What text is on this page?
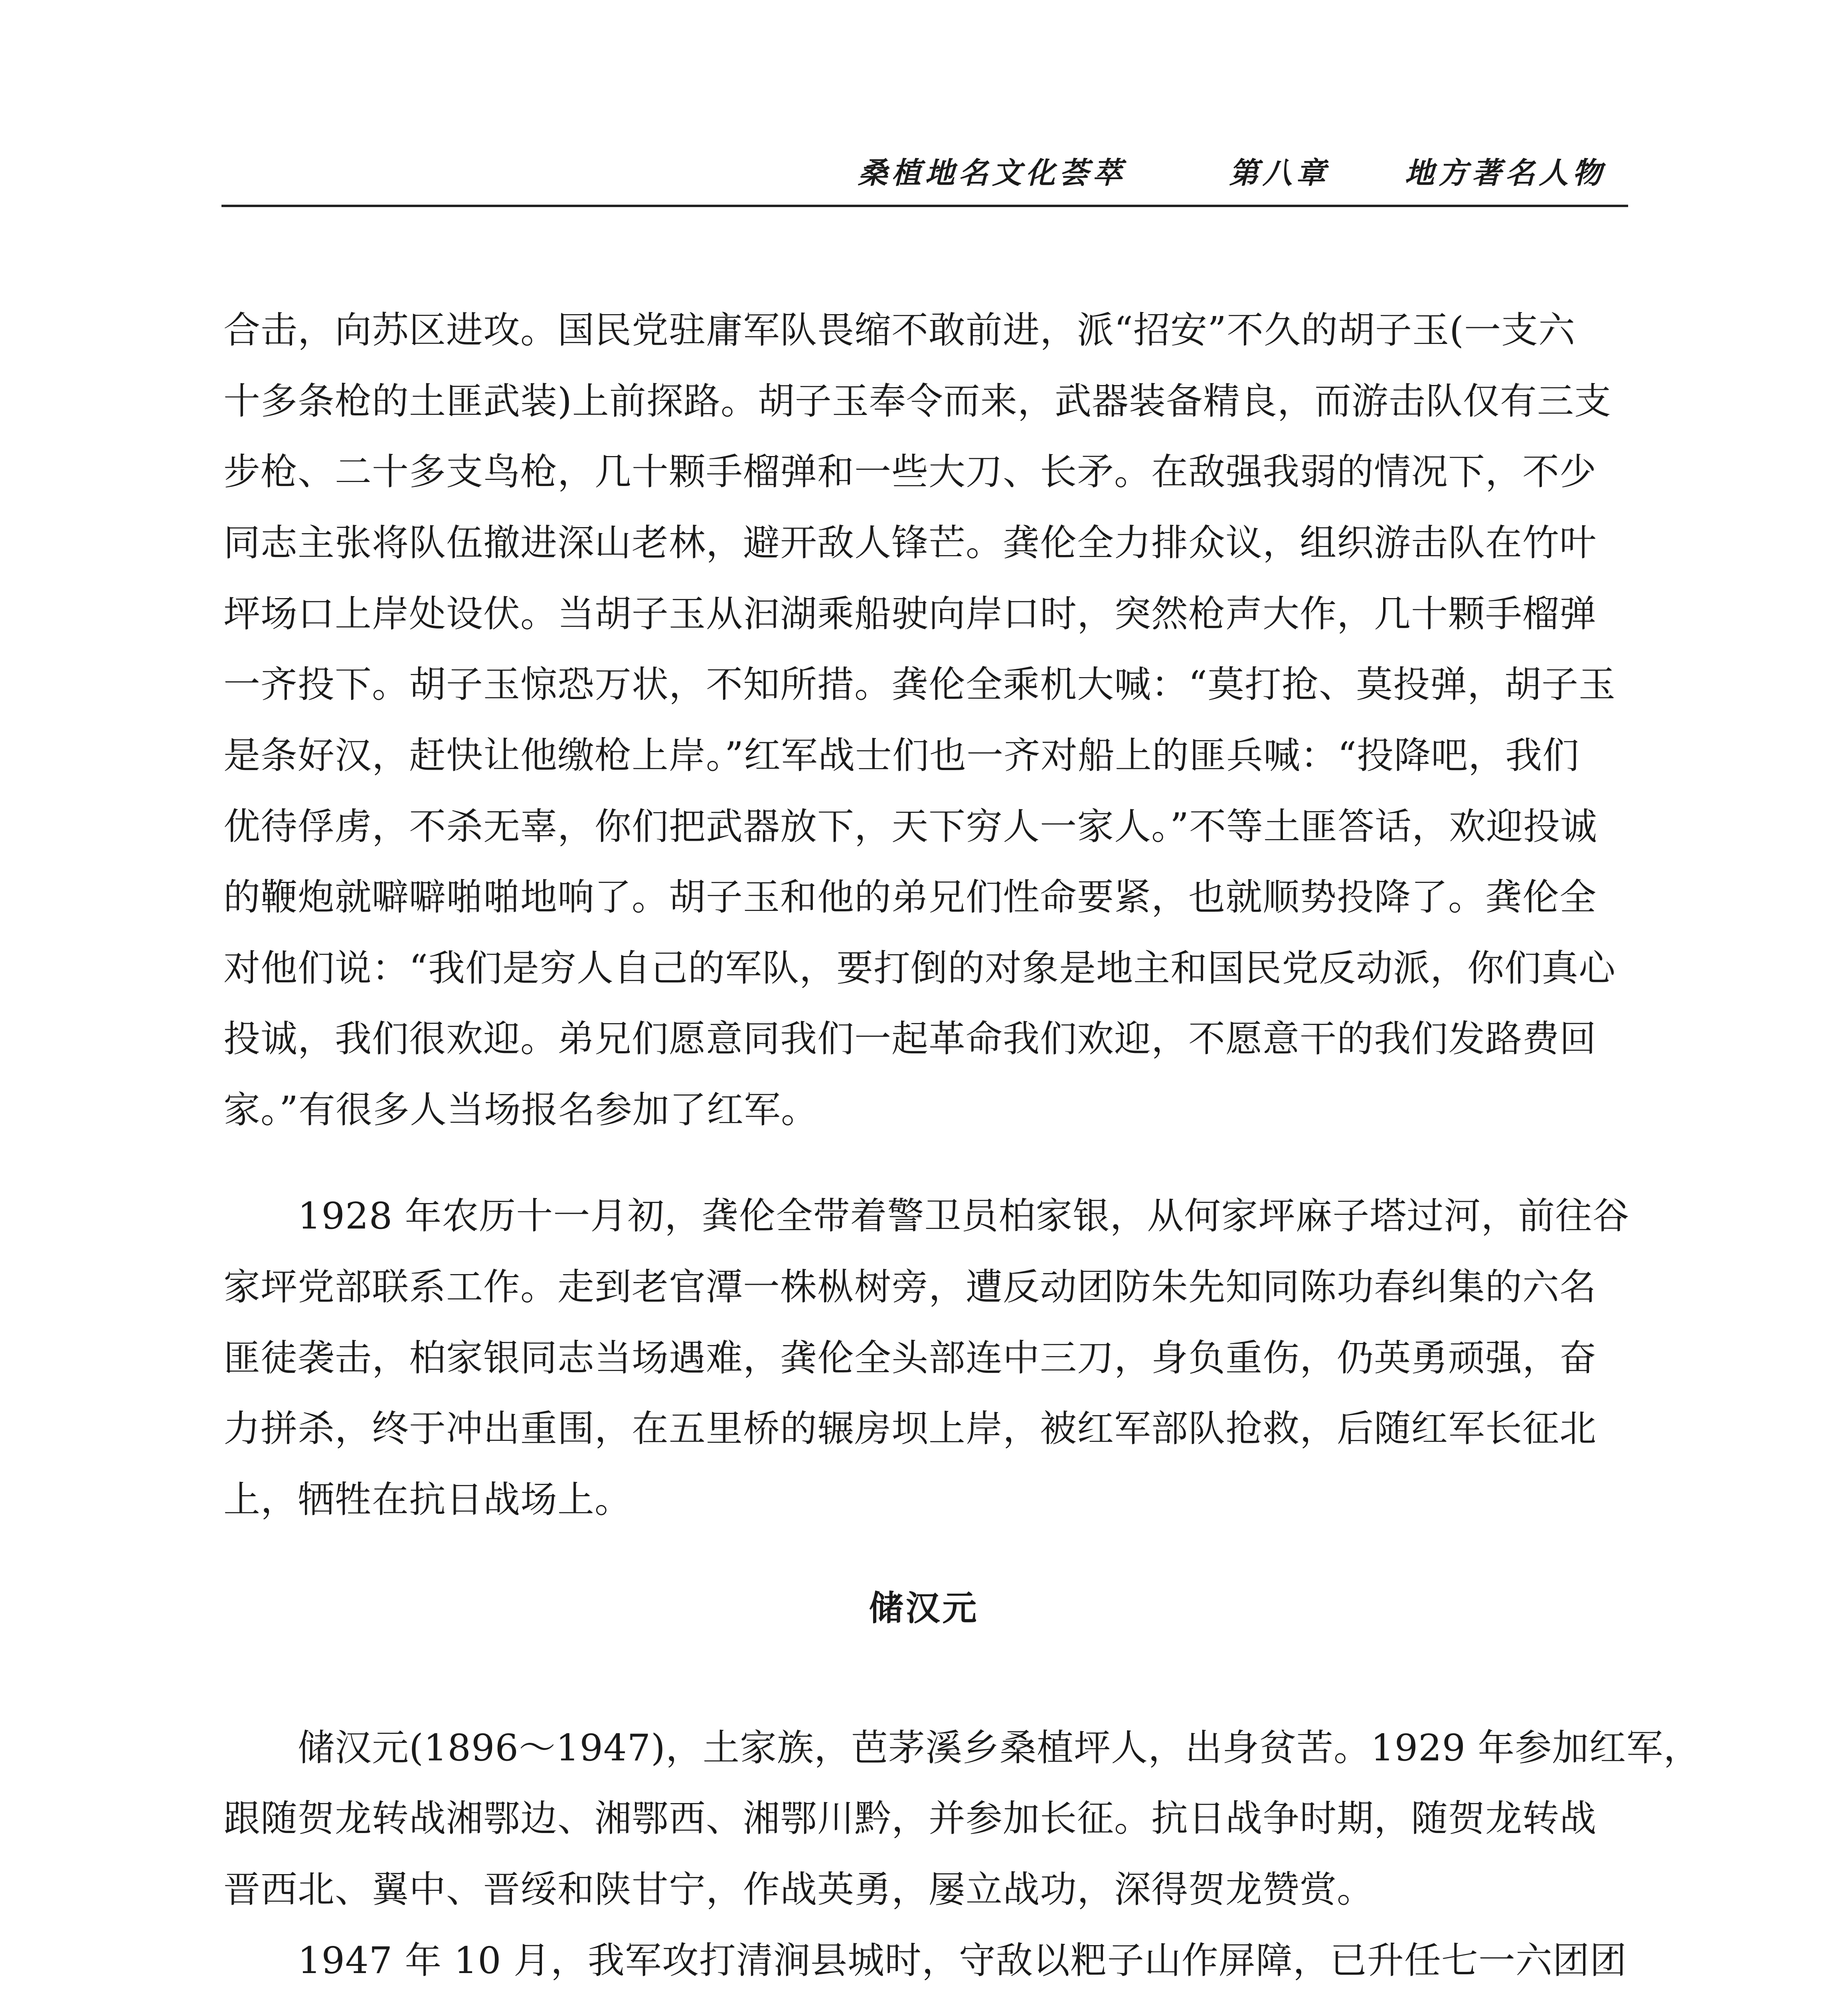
桑植地名文化荟萃	第八章	地方著名人物
合击，向苏区进攻。国民党驻庸军队畏缩不敢前进，派“招安”不久的胡子玉(一支六
十多条枪的土匪武装)上前探路。胡子玉奉令而来，武器装备精良，而游击队仅有三支
步枪、二十多支鸟枪，几十颗手榴弹和一些大刀、长矛。在敌强我弱的情况下，不少
同志主张将队伍撤进深山老林，避开敌人锋芒。龚伦全力排众议，组织游击队在竹叶
坪场口上岸处设伏。当胡子玉从汩湖乘船驶向岸口时，突然枪声大作，几十颗手榴弹
一齐投下。胡子玉惊恐万状，不知所措。龚伦全乘机大喊：“莫打抢、莫投弹，胡子玉
是条好汉，赶快让他缴枪上岸。”红军战士们也一齐对船上的匪兵喊：“投降吧，我们
优待俘虏，不杀无辜，你们把武器放下，天下穷人一家人。”不等土匪答话，欢迎投诚
的鞭炮就噼噼啪啪地响了。胡子玉和他的弟兄们性命要紧，也就顺势投降了。龚伦全
对他们说：“我们是穷人自己的军队，要打倒的对象是地主和国民党反动派，你们真心
投诚，我们很欢迎。弟兄们愿意同我们一起革命我们欢迎，不愿意干的我们发路费回
家。”有很多人当场报名参加了红军。
　　1928 年农历十一月初，龚伦全带着警卫员柏家银，从何家坪麻子塔过河，前往谷
家坪党部联系工作。走到老官潭一株枞树旁，遭反动团防朱先知同陈功春纠集的六名
匪徒袭击，柏家银同志当场遇难，龚伦全头部连中三刀，身负重伤，仍英勇顽强，奋
力拼杀，终于冲出重围，在五里桥的辗房坝上岸，被红军部队抢救，后随红军长征北
上，牺牲在抗日战场上。
储汉元
　　储汉元(1896～1947)，土家族，芭茅溪乡桑植坪人，出身贫苦。1929 年参加红军，
跟随贺龙转战湘鄂边、湘鄂西、湘鄂川黔，并参加长征。抗日战争时期，随贺龙转战
晋西北、翼中、晋绥和陕甘宁，作战英勇，屡立战功，深得贺龙赞赏。
　　1947 年 10 月，我军攻打清涧县城时，守敌以粑子山作屏障，已升任七一六团团
